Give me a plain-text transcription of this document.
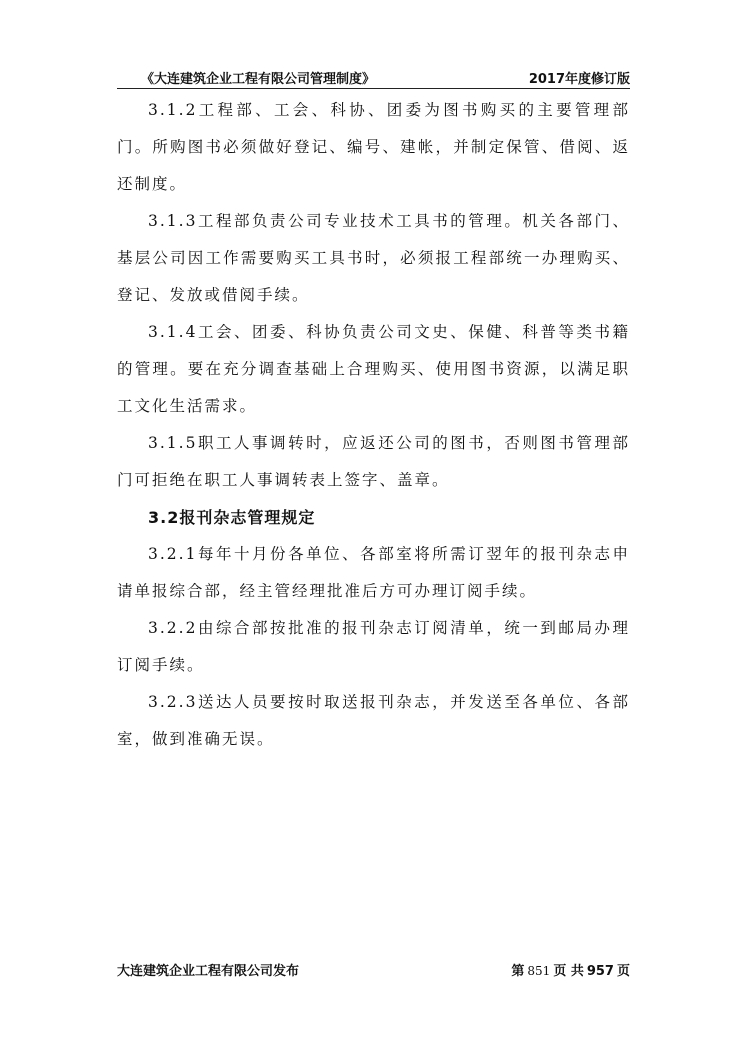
《大连建筑企业工程有限公司管理制度》	2017年度修订版

3.1.2工程部、工会、科协、团委为图书购买的主要管理部门。所购图书必须做好登记、编号、建帐，并制定保管、借阅、返还制度。

3.1.3工程部负责公司专业技术工具书的管理。机关各部门、基层公司因工作需要购买工具书时，必须报工程部统一办理购买、登记、发放或借阅手续。

3.1.4工会、团委、科协负责公司文史、保健、科普等类书籍的管理。要在充分调查基础上合理购买、使用图书资源，以满足职工文化生活需求。

3.1.5职工人事调转时，应返还公司的图书，否则图书管理部门可拒绝在职工人事调转表上签字、盖章。

3.2报刊杂志管理规定

3.2.1每年十月份各单位、各部室将所需订翌年的报刊杂志申请单报综合部，经主管经理批准后方可办理订阅手续。

3.2.2由综合部按批准的报刊杂志订阅清单，统一到邮局办理订阅手续。

3.2.3送达人员要按时取送报刊杂志，并发送至各单位、各部室，做到准确无误。

大连建筑企业工程有限公司发布	第 851 页 共 957 页
